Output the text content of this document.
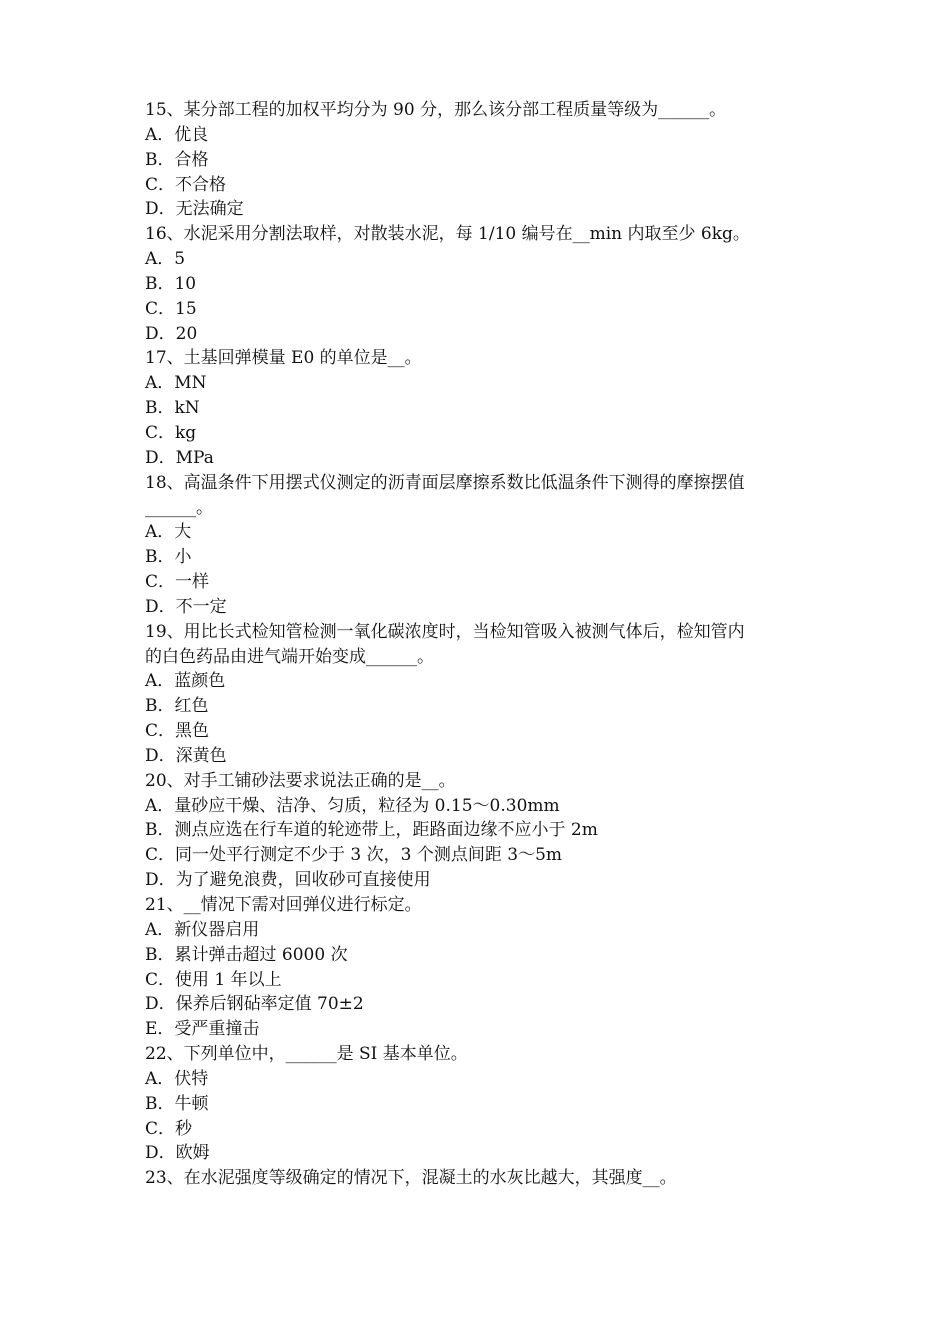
15、某分部工程的加权平均分为 90 分，那么该分部工程质量等级为______。
A．优良
B．合格
C．不合格
D．无法确定
16、水泥采用分割法取样，对散装水泥，每 1/10 编号在__min 内取至少 6kg。
A．5
B．10
C．15
D．20
17、土基回弹模量 E0 的单位是__。
A．MN
B．kN
C．kg
D．MPa
18、高温条件下用摆式仪测定的沥青面层摩擦系数比低温条件下测得的摩擦摆值
______。
A．大
B．小
C．一样
D．不一定
19、用比长式检知管检测一氧化碳浓度时，当检知管吸入被测气体后，检知管内
的白色药品由进气端开始变成______。
A．蓝颜色
B．红色
C．黑色
D．深黄色
20、对手工铺砂法要求说法正确的是__。
A．量砂应干燥、洁净、匀质，粒径为 0.15～0.30mm
B．测点应选在行车道的轮迹带上，距路面边缘不应小于 2m
C．同一处平行测定不少于 3 次，3 个测点间距 3～5m
D．为了避免浪费，回收砂可直接使用
21、__情况下需对回弹仪进行标定。
A．新仪器启用
B．累计弹击超过 6000 次
C．使用 1 年以上
D．保养后钢砧率定值 70±2
E．受严重撞击
22、下列单位中，______是 SI 基本单位。
A．伏特
B．牛顿
C．秒
D．欧姆
23、在水泥强度等级确定的情况下，混凝土的水灰比越大，其强度__。
